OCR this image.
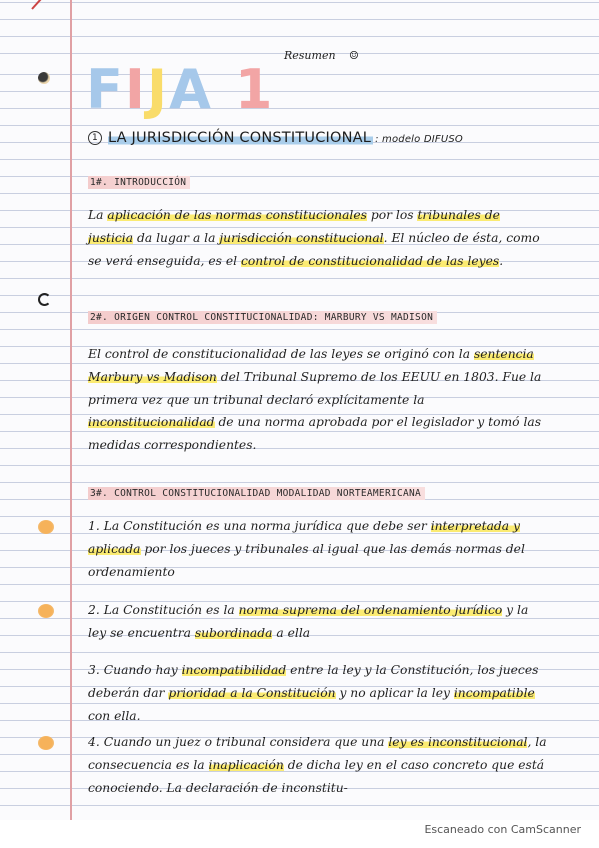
FIJA 1
Resumen ☺
1 LA JURISDICCIÓN CONSTITUCIONAL : modelo DIFUSO
1#. INTRODUCCIÓN
La aplicación de las normas constitucionales por los tribunales de justicia da lugar a la jurisdicción constitucional. El núcleo de ésta, como se verá enseguida, es el control de constitucionalidad de las leyes.
2#. ORIGEN CONTROL CONSTITUCIONALIDAD: MARBURY VS MADISON
El control de constitucionalidad de las leyes se originó con la sentencia Marbury vs Madison del Tribunal Supremo de los EEUU en 1803. Fue la primera vez que un tribunal declaró explícitamente la inconstitucionalidad de una norma aprobada por el legislador y tomó las medidas correspondientes.
3#. CONTROL CONSTITUCIONALIDAD MODALIDAD NORTEAMERICANA

1. La Constitución es una norma jurídica que debe ser interpretada y aplicada por los jueces y tribunales al igual que las demás normas del ordenamiento

2. La Constitución es la norma suprema del ordenamiento jurídico y la ley se encuentra subordinada a ella

3. Cuando hay incompatibilidad entre la ley y la Constitución, los jueces deberán dar prioridad a la Constitución y no aplicar la ley incompatible con ella.

4. Cuando un juez o tribunal considera que una ley es inconstitucional, la consecuencia es la inaplicación de dicha ley en el caso concreto que está conociendo. La declaración de inconstitu-

Escaneado con CamScanner
